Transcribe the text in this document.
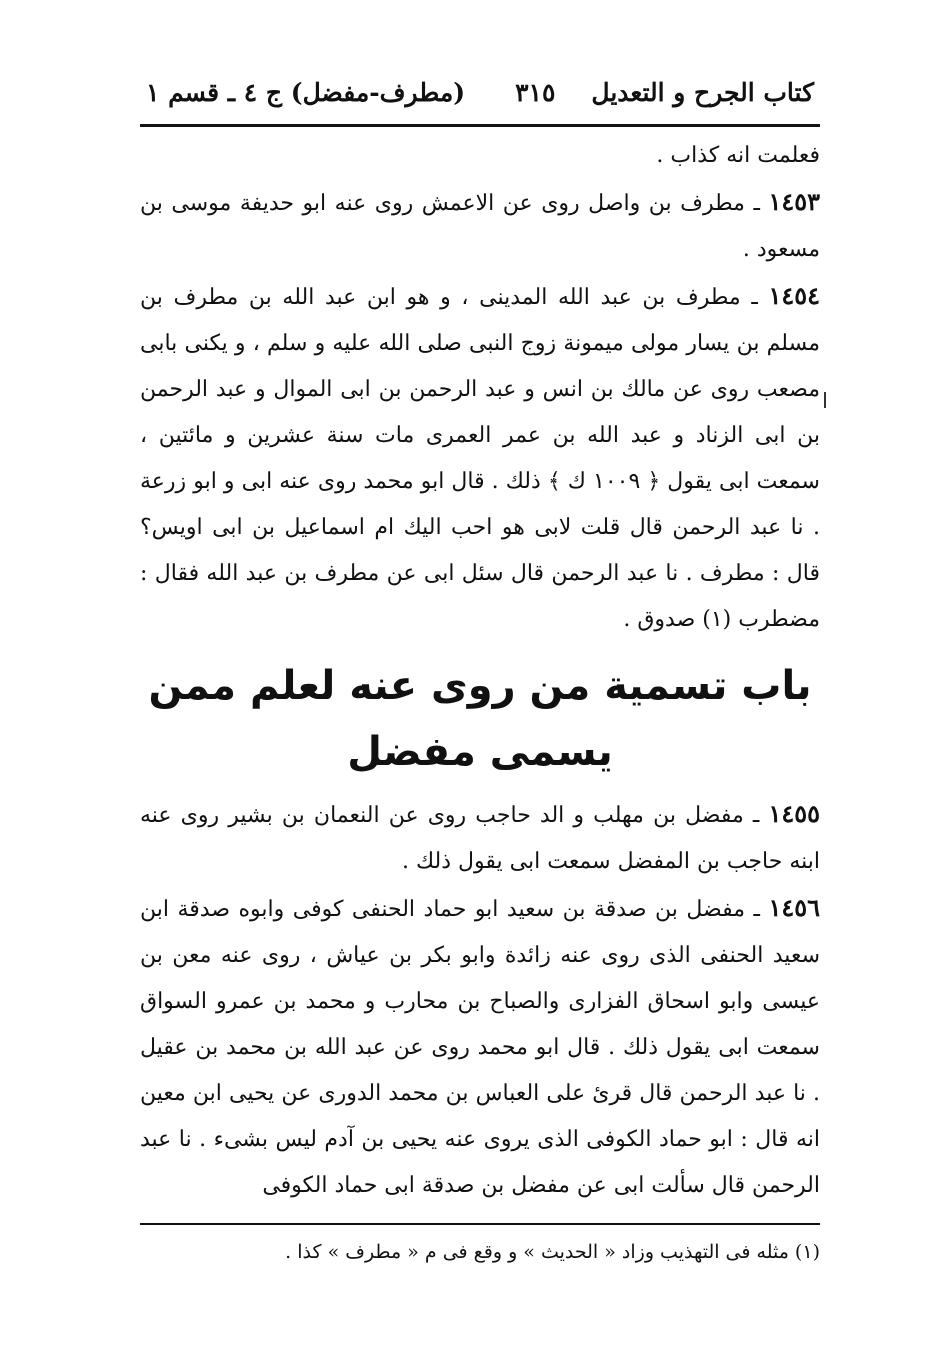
كتاب الجرح و التعديل
٣١٥
(مطرف-مفضل) ج ٤ ـ قسم ١

فعلمت انه كذاب .

١٤٥٣ ـ مطرف بن واصل روى عن الاعمش روى عنه ابو حديفة موسى بن مسعود .

١٤٥٤ ـ مطرف بن عبد الله المدينى ، و هو ابن عبد الله بن مطرف بن مسلم بن يسار مولى ميمونة زوج النبى صلى الله عليه و سلم ، و يكنى بابى مصعب روى عن مالك بن انس و عبد الرحمن بن ابى الموال و عبد الرحمن بن ابى الزناد و عبد الله بن عمر العمرى مات سنة عشرين و مائتين ، سمعت ابى يقول ﴿ ١٠٠٩ ك ﴾ ذلك . قال ابو محمد روى عنه ابى و ابو زرعة . نا عبد الرحمن قال قلت لابى هو احب اليك ام اسماعيل بن ابى اويس؟ قال : مطرف . نا عبد الرحمن قال سئل ابى عن مطرف بن عبد الله فقال : مضطرب (١) صدوق .

باب تسمية من روى عنه لعلم ممن
يسمى مفضل

١٤٥٥ ـ مفضل بن مهلب و الد حاجب روى عن النعمان بن بشير روى عنه ابنه حاجب بن المفضل سمعت ابى يقول ذلك .

١٤٥٦ ـ مفضل بن صدقة بن سعيد ابو حماد الحنفى كوفى وابوه صدقة ابن سعيد الحنفى الذى روى عنه زائدة وابو بكر بن عياش ، روى عنه معن بن عيسى وابو اسحاق الفزارى والصباح بن محارب و محمد بن عمرو السواق سمعت ابى يقول ذلك . قال ابو محمد روى عن عبد الله بن محمد بن عقيل . نا عبد الرحمن قال قرئ على العباس بن محمد الدورى عن يحيى ابن معين انه قال : ابو حماد الكوفى الذى يروى عنه يحيى بن آدم ليس بشىء . نا عبد الرحمن قال سألت ابى عن مفضل بن صدقة ابى حماد الكوفى

(١) مثله فى التهذيب وزاد « الحديث » و وقع فى م « مطرف » كذا .
